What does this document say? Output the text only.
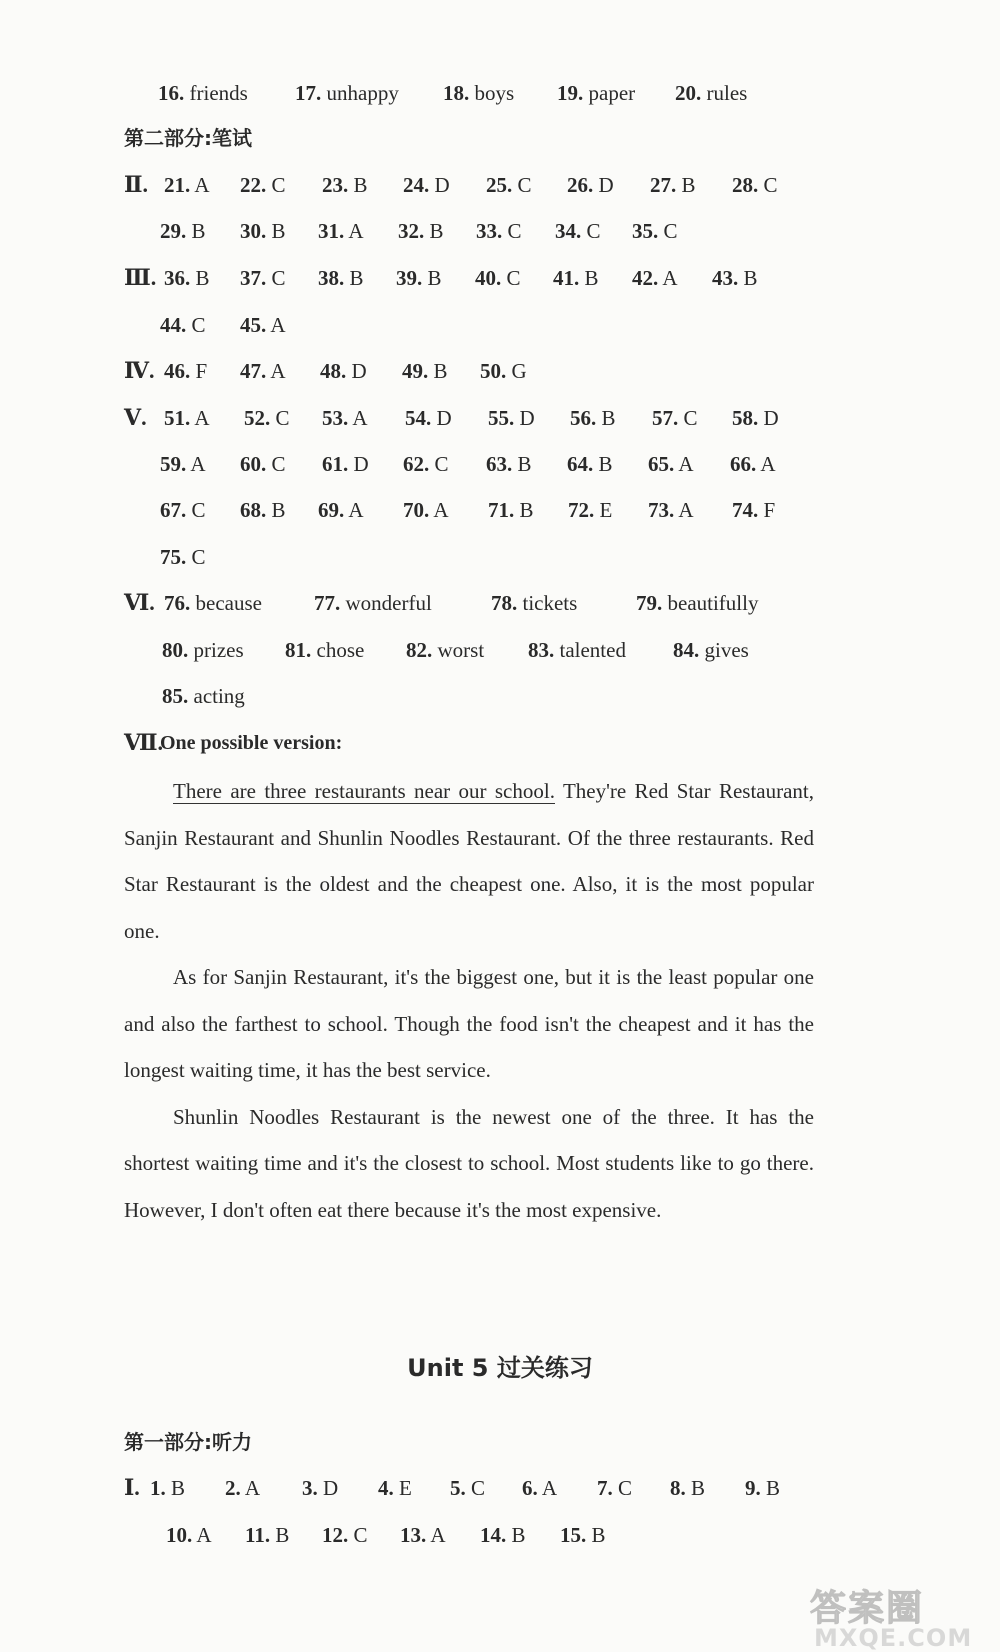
16. friends 17. unhappy 18. boys 19. paper 20. rules
第二部分:笔试
Ⅱ. 21. A 22. C 23. B 24. D 25. C 26. D 27. B 28. C
29. B 30. B 31. A 32. B 33. C 34. C 35. C
Ⅲ. 36. B 37. C 38. B 39. B 40. C 41. B 42. A 43. B
44. C 45. A
Ⅳ. 46. F 47. A 48. D 49. B 50. G
Ⅴ. 51. A 52. C 53. A 54. D 55. D 56. B 57. C 58. D
59. A 60. C 61. D 62. C 63. B 64. B 65. A 66. A
67. C 68. B 69. A 70. A 71. B 72. E 73. A 74. F
75. C
Ⅵ. 76. because 77. wonderful	78. tickets	79. beautifully
80. prizes 81. chose 82. worst 83. talented 84. gives
85. acting
Ⅶ.
One possible version:

There are three restaurants near our school. They're Red Star Restaurant, Sanjin Restaurant and Shunlin Noodles Restaurant. Of the three restaurants. Red Star Restaurant is the oldest and the cheapest one. Also, it is the most popular one.

As for Sanjin Restaurant, it's the biggest one, but it is the least popular one and also the farthest to school. Though the food isn't the cheapest and it has the longest waiting time, it has the best service.

Shunlin Noodles Restaurant is the newest one of the three. It has the shortest waiting time and it's the closest to school. Most students like to go there. However, I don't often eat there because it's the most expensive.

Unit 5 过关练习
第一部分:听力
Ⅰ. 1. B 2. A 3. D 4. E 5. C 6. A 7. C 8. B 9. B
10. A 11. B 12. C 13. A 14. B 15. B
答案圈
MXQE.COM
